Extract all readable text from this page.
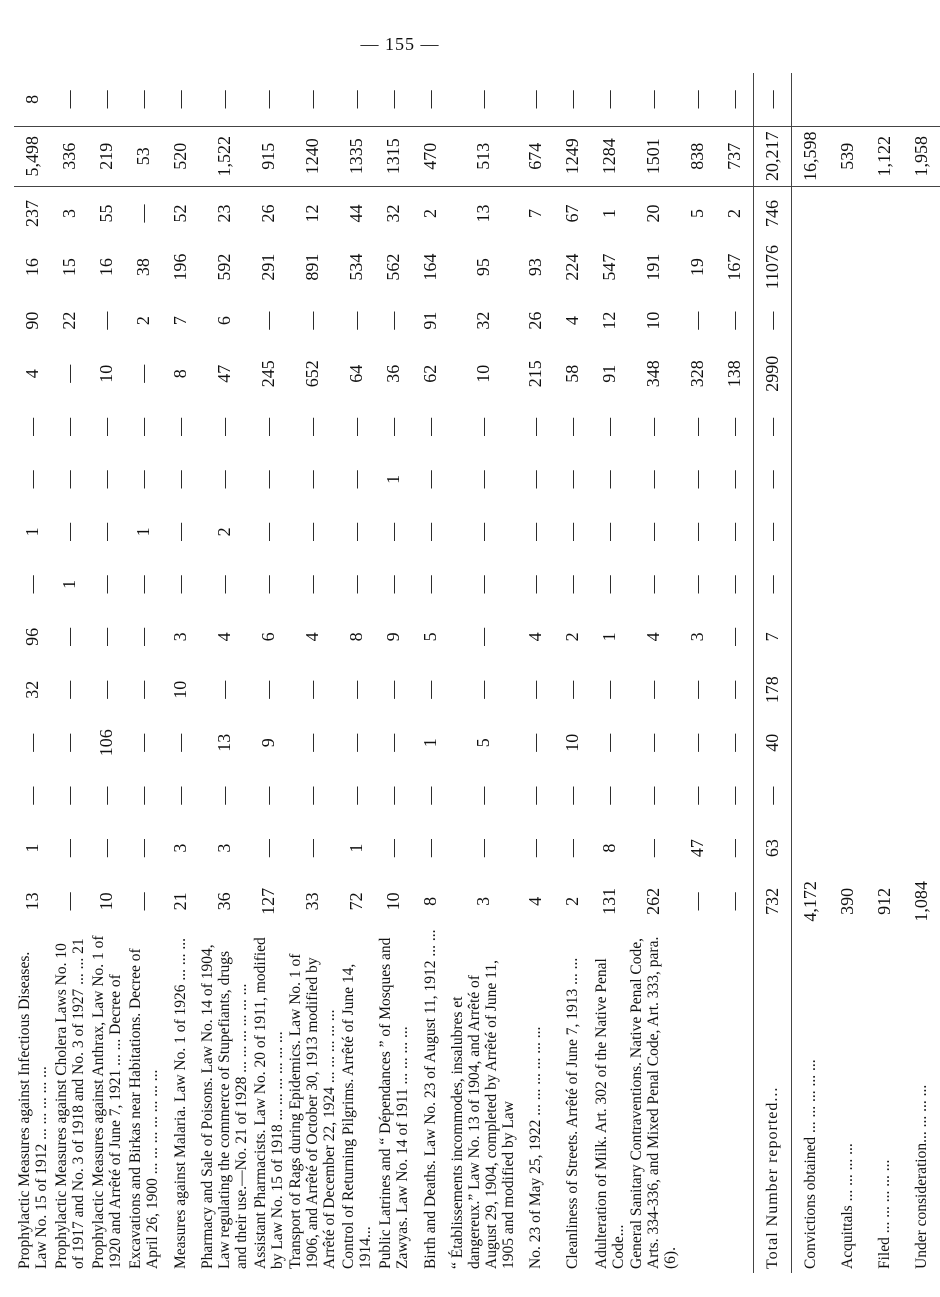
— 155 —
Prophylactic Measures against Infectious Diseases. Law No. 15 of 1912 ... ... ... ... ...	13	1	—	—	32	96	—	1	—	—	4	90	16	237	5,498	8
Prophylactic Measures against Cholera Laws No. 10 of 1917 and No. 3 of 1918 and No. 3 of 1927 ... ... 21	—	—	—	—	—	—	1	—	—	—	—	22	15	3	336	—
Prophylactic Measures against Anthrax, Law No. 1 of 1920 and Arrêté of June 7, 1921 ... ... Decree of	10	—	—	106	—	—	—	—	—	—	10	—	16	55	219	—
Excavations and Birkas near Habitations. Decree of April 26, 1900 ... ... ... ... ... ... ...	—	—	—	—	—	—	—	1	—	—	—	2	38	—	53	—
Measures against Malaria. Law No. 1 of 1926 ... ... ...	21	3	—	—	10	3	—	—	—	—	8	7	196	52	520	—
Pharmacy and Sale of Poisons. Law No. 14 of 1904, Law regulating the commerce of Stupefiants, drugs and their use.—No. 21 of 1928 ... ... ... ... ... ...	36	3	—	13	—	4	—	2	—	—	47	6	592	23	1,522	—
Assistant Pharmacists. Law No. 20 of 1911, modified by Law No. 15 of 1918 ... ... ... ... ... ...	127	—	—	9	—	6	—	—	—	—	245	—	291	26	915	—
Transport of Rags during Epidemics. Law No. 1 of 1906, and Arrêté of October 30, 1913 modified by Arrêté of December 22, 1924 ... ... ... ... ...	33	—	—	—	—	4	—	—	—	—	652	—	891	12	1240	—
Control of Returning Pilgrims. Arrêté of June 14, 1914...	72	1	—	—	—	8	—	—	—	—	64	—	534	44	1335	—
Public Latrines and “ Dépendances ” of Mosques and Zawyas. Law No. 14 of 1911 ... ... ... ...	10	—	—	—	—	9	—	—	1	—	36	—	562	32	1315	—
Birth and Deaths. Law No. 23 of August 11, 1912 ... ...	8	—	—	1	—	5	—	—	—	—	62	91	164	2	470	—
“ Établissements incommodes, insalubres et dangereux.” Law No. 13 of 1904, and Arrêté of August 29, 1904, completed by Arrêté of June 11, 1905 and modified by Law	3	—	—	5	—	—	—	—	—	—	10	32	95	13	513	—
No. 23 of May 25, 1922 ... ... ... ... ... ...	4	—	—	—	—	4	—	—	—	—	215	26	93	7	674	—
Cleanliness of Streets. Arrêté of June 7, 1913 ... ...	2	—	—	10	—	2	—	—	—	—	58	4	224	67	1249	—
Adulteration of Milk. Art. 302 of the Native Penal Code...	131	8	—	—	—	1	—	—	—	—	91	12	547	1	1284	—
General Sanitary Contraventions. Native Penal Code, Arts. 334-336, and Mixed Penal Code, Art. 333, para. (6).	262	—	—	—	—	4	—	—	—	—	348	10	191	20	1501	—
	—	47	—	—	—	3	—	—	—	—	328	—	19	5	838	—
	—	—	—	—	—	—	—	—	—	—	138	—	167	2	737	—
Total Number reported...	732	63	—	40	178	7	—	—	—	—	2990	—	11076	746	20,217	—
Convictions obtained ... ... ... ... ...	4,172														16,598	
Acquittals ... ... ... ...	390														539	
Filed ... ... ... ... ...	912														1,122	
Under consideration... ... ... ...	1,084														1,958	
